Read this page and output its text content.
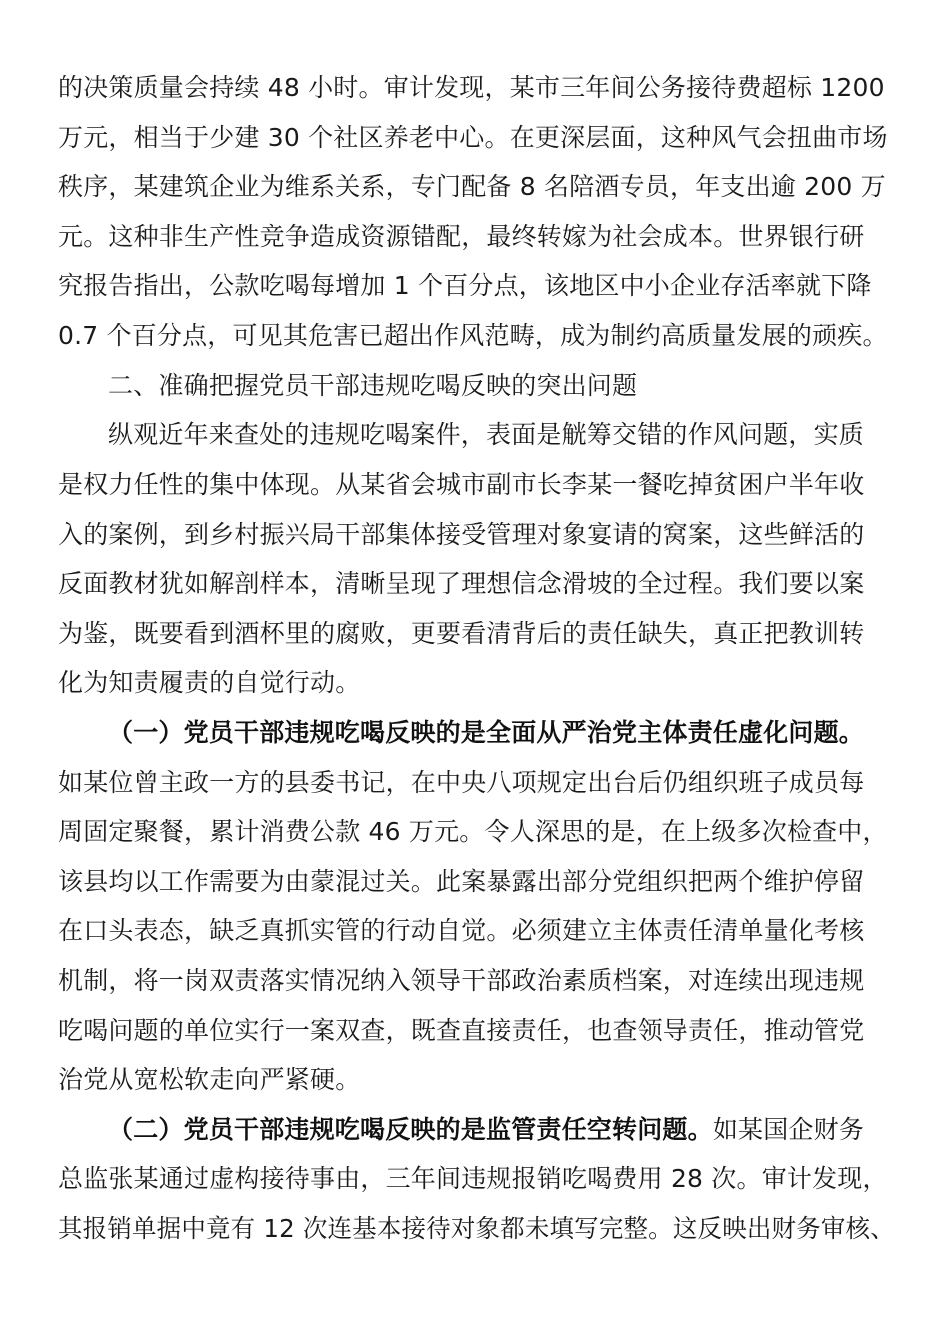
的决策质量会持续 48 小时。审计发现，某市三年间公务接待费超标 1200
万元，相当于少建 30 个社区养老中心。在更深层面，这种风气会扭曲市场
秩序，某建筑企业为维系关系，专门配备 8 名陪酒专员，年支出逾 200 万
元。这种非生产性竞争造成资源错配，最终转嫁为社会成本。世界银行研
究报告指出，公款吃喝每增加 1 个百分点，该地区中小企业存活率就下降
0.7 个百分点，可见其危害已超出作风范畴，成为制约高质量发展的顽疾。
二、准确把握党员干部违规吃喝反映的突出问题
纵观近年来查处的违规吃喝案件，表面是觥筹交错的作风问题，实质
是权力任性的集中体现。从某省会城市副市长李某一餐吃掉贫困户半年收
入的案例，到乡村振兴局干部集体接受管理对象宴请的窝案，这些鲜活的
反面教材犹如解剖样本，清晰呈现了理想信念滑坡的全过程。我们要以案
为鉴，既要看到酒杯里的腐败，更要看清背后的责任缺失，真正把教训转
化为知责履责的自觉行动。
（一）党员干部违规吃喝反映的是全面从严治党主体责任虚化问题。
如某位曾主政一方的县委书记，在中央八项规定出台后仍组织班子成员每
周固定聚餐，累计消费公款 46 万元。令人深思的是，在上级多次检查中，
该县均以工作需要为由蒙混过关。此案暴露出部分党组织把两个维护停留
在口头表态，缺乏真抓实管的行动自觉。必须建立主体责任清单量化考核
机制，将一岗双责落实情况纳入领导干部政治素质档案，对连续出现违规
吃喝问题的单位实行一案双查，既查直接责任，也查领导责任，推动管党
治党从宽松软走向严紧硬。
（二）党员干部违规吃喝反映的是监管责任空转问题。如某国企财务
总监张某通过虚构接待事由，三年间违规报销吃喝费用 28 次。审计发现，
其报销单据中竟有 12 次连基本接待对象都未填写完整。这反映出财务审核、
